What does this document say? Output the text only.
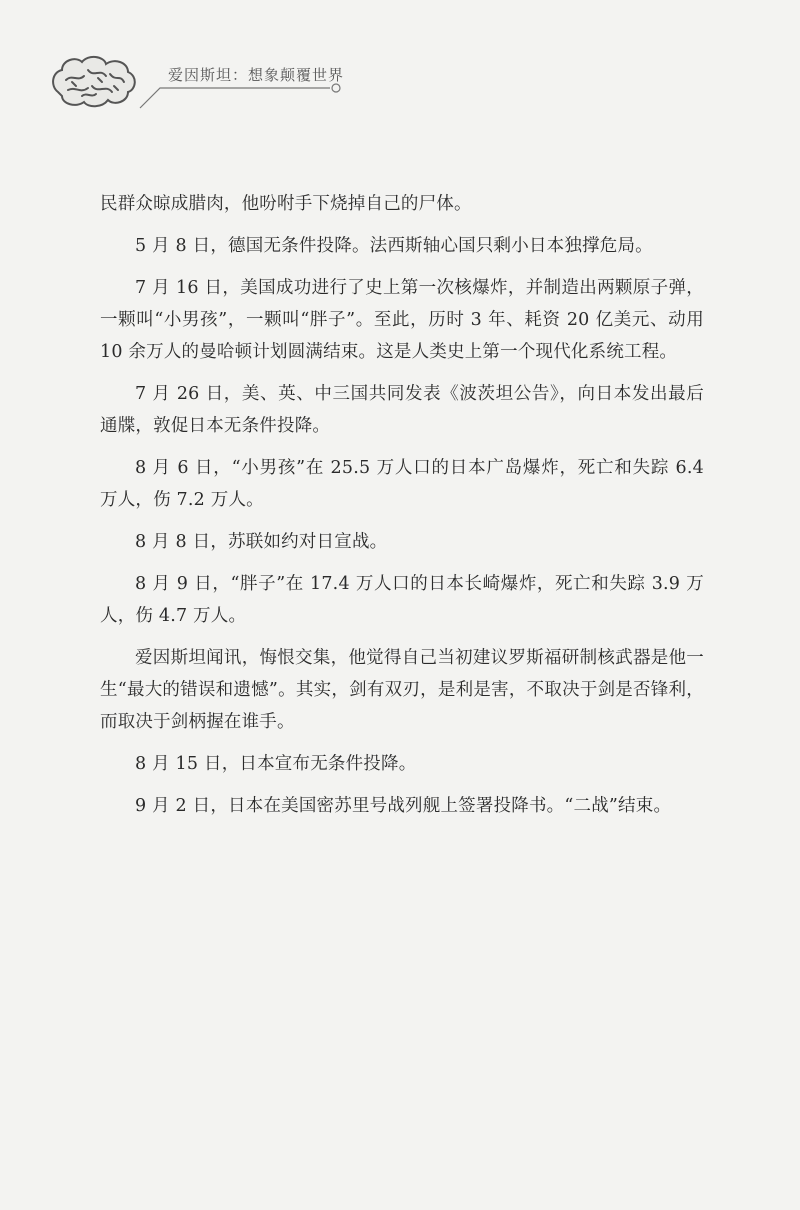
爱因斯坦：想象颠覆世界

民群众晾成腊肉，他吩咐手下烧掉自己的尸体。

5 月 8 日，德国无条件投降。法西斯轴心国只剩小日本独撑危局。

7 月 16 日，美国成功进行了史上第一次核爆炸，并制造出两颗原子弹，一颗叫“小男孩”，一颗叫“胖子”。至此，历时 3 年、耗资 20 亿美元、动用 10 余万人的曼哈顿计划圆满结束。这是人类史上第一个现代化系统工程。

7 月 26 日，美、英、中三国共同发表《波茨坦公告》，向日本发出最后通牒，敦促日本无条件投降。

8 月 6 日，“小男孩”在 25.5 万人口的日本广岛爆炸，死亡和失踪 6.4 万人，伤 7.2 万人。

8 月 8 日，苏联如约对日宣战。

8 月 9 日，“胖子”在 17.4 万人口的日本长崎爆炸，死亡和失踪 3.9 万人，伤 4.7 万人。

爱因斯坦闻讯，悔恨交集，他觉得自己当初建议罗斯福研制核武器是他一生“最大的错误和遗憾”。其实，剑有双刃，是利是害，不取决于剑是否锋利，而取决于剑柄握在谁手。

8 月 15 日，日本宣布无条件投降。

9 月 2 日，日本在美国密苏里号战列舰上签署投降书。“二战”结束。
